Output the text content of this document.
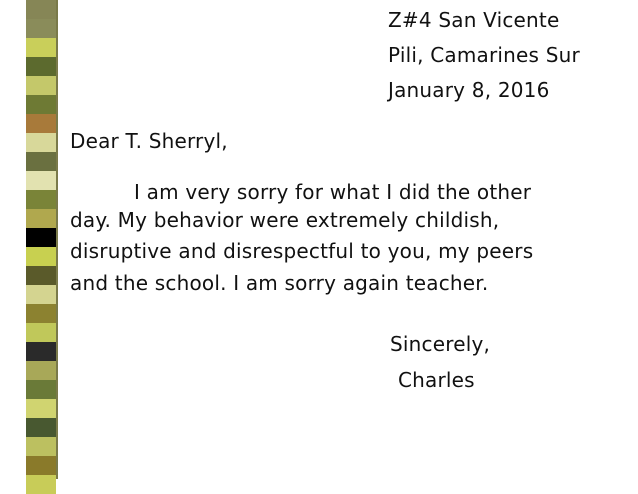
Z#4 San Vicente

Pili, Camarines Sur

January 8, 2016

Dear T. Sherryl,

I am very sorry for what I did the other

day. My behavior were extremely childish,

disruptive and disrespectful to you, my peers

and the school. I am sorry again teacher.

Sincerely,

Charles
